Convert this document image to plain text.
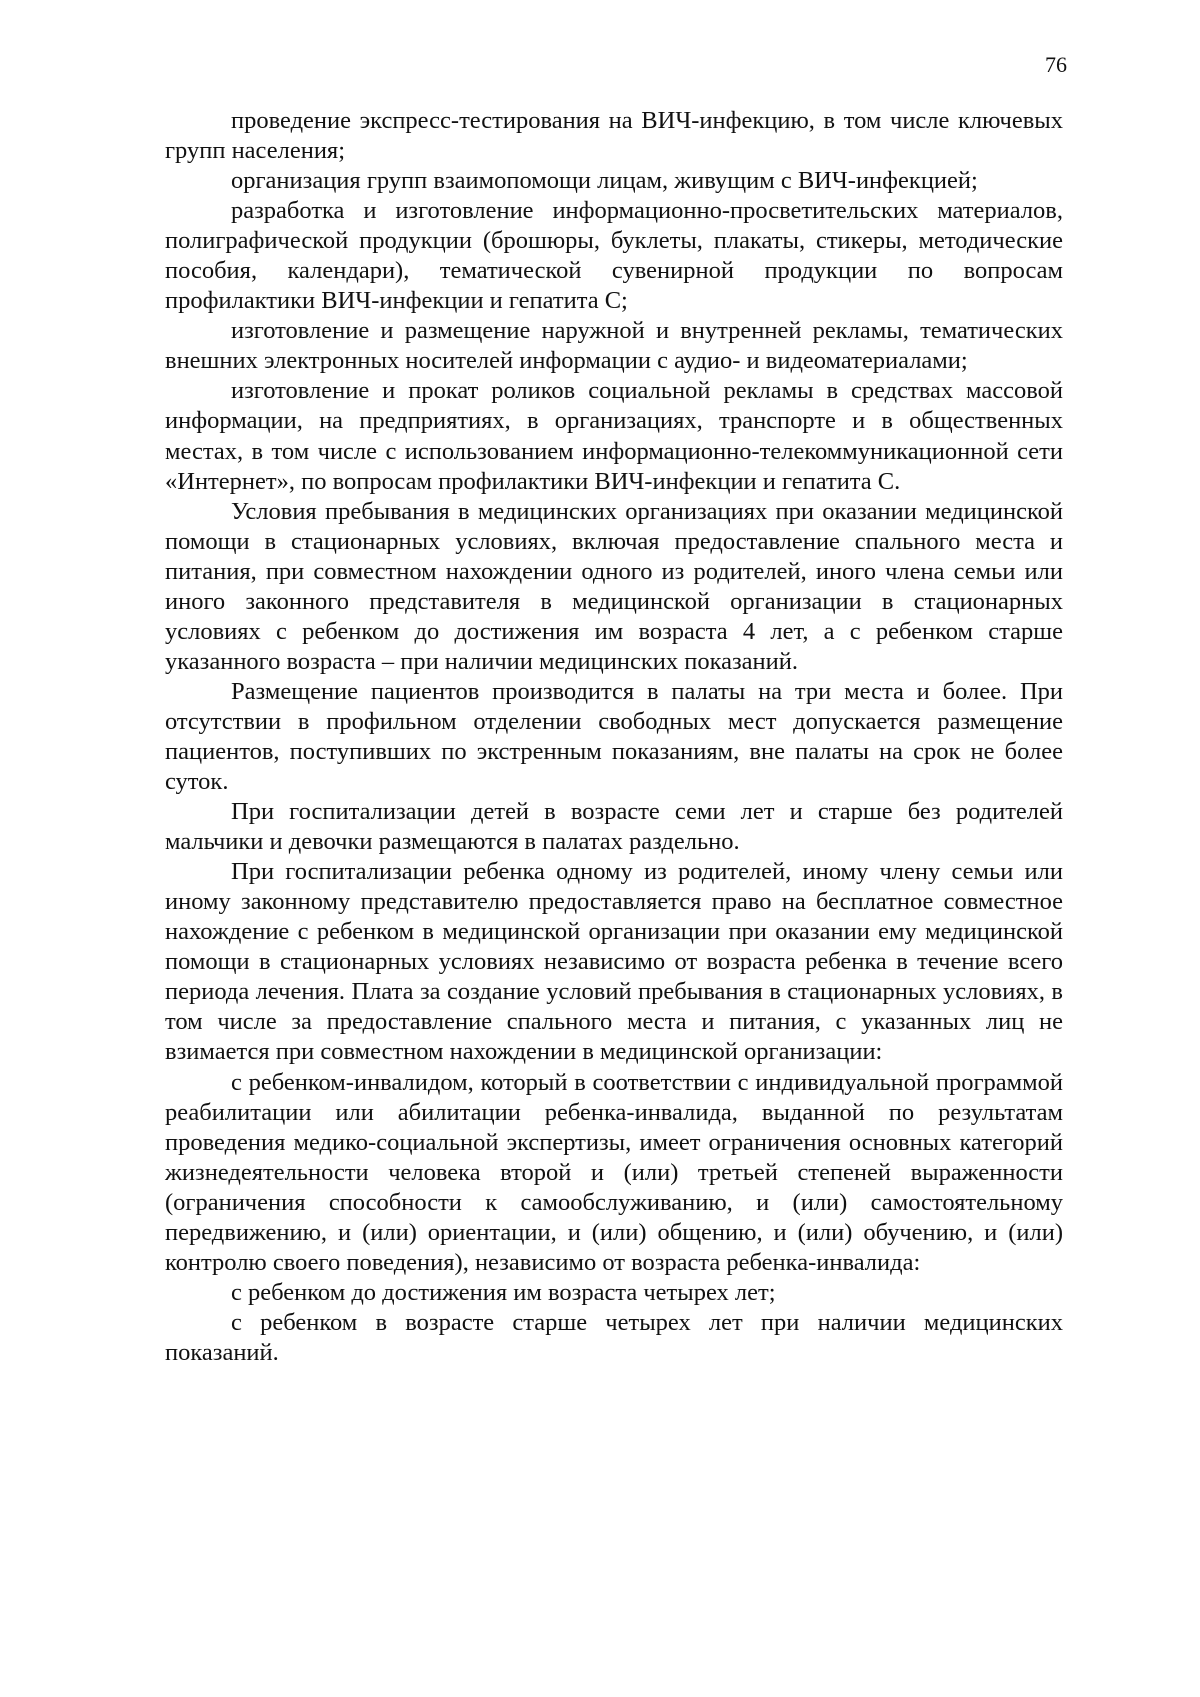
76

проведение экспресс-тестирования на ВИЧ-инфекцию, в том числе ключевых групп населения;

организация групп взаимопомощи лицам, живущим с ВИЧ-инфекцией;

разработка и изготовление информационно-просветительских материалов, полиграфической продукции (брошюры, буклеты, плакаты, стикеры, методические пособия, календари), тематической сувенирной продукции по вопросам профилактики ВИЧ-инфекции и гепатита С;

изготовление и размещение наружной и внутренней рекламы, тематических внешних электронных носителей информации с аудио- и видеоматериалами;

изготовление и прокат роликов социальной рекламы в средствах массовой информации, на предприятиях, в организациях, транспорте и в общественных местах, в том числе с использованием информационно-телекоммуникационной сети «Интернет», по вопросам профилактики ВИЧ-инфекции и гепатита С.

Условия пребывания в медицинских организациях при оказании медицинской помощи в стационарных условиях, включая предоставление спального места и питания, при совместном нахождении одного из родителей, иного члена семьи или иного законного представителя в медицинской организации в стационарных условиях с ребенком до достижения им возраста 4 лет, а с ребенком старше указанного возраста – при наличии медицинских показаний.

Размещение пациентов производится в палаты на три места и более. При отсутствии в профильном отделении свободных мест допускается размещение пациентов, поступивших по экстренным показаниям, вне палаты на срок не более суток.

При госпитализации детей в возрасте семи лет и старше без родителей мальчики и девочки размещаются в палатах раздельно.

При госпитализации ребенка одному из родителей, иному члену семьи или иному законному представителю предоставляется право на бесплатное совместное нахождение с ребенком в медицинской организации при оказании ему медицинской помощи в стационарных условиях независимо от возраста ребенка в течение всего периода лечения. Плата за создание условий пребывания в стационарных условиях, в том числе за предоставление спального места и питания, с указанных лиц не взимается при совместном нахождении в медицинской организации:

с ребенком-инвалидом, который в соответствии с индивидуальной программой реабилитации или абилитации ребенка-инвалида, выданной по результатам проведения медико-социальной экспертизы, имеет ограничения основных категорий жизнедеятельности человека второй и (или) третьей степеней выраженности (ограничения способности к самообслуживанию, и (или) самостоятельному передвижению, и (или) ориентации, и (или) общению, и (или) обучению, и (или) контролю своего поведения), независимо от возраста ребенка-инвалида:

с ребенком до достижения им возраста четырех лет;

с ребенком в возрасте старше четырех лет при наличии медицинских показаний.
